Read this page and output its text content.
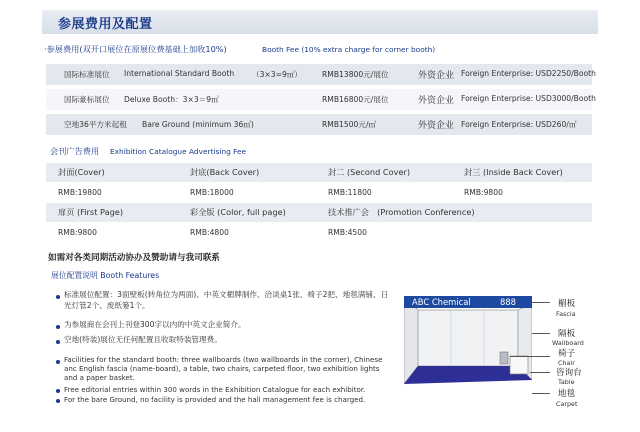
参展费用及配置
·参展费用(双开口展位在原展位费基础上加收10%)	Booth Fee (10% extra charge for corner booth)
国际标准展位 International Standard Booth （3×3=9㎡）	RMB13800元/展位	外资企业 Foreign Enterprise: USD2250/Booth
国际豪标展位 Deluxe Booth：3×3＝9㎡	RMB16800元/展位	外资企业 Foreign Enterprise: USD3000/Booth
空地36平方米起租 Bare Ground (minimum 36㎡)	RMB1500元/㎡	外资企业 Foreign Enterprise: USD260/㎡
会刊广告费用 Exhibition Catalogue Advertising Fee
封面(Cover)	封底(Back Cover)	封二 (Second Cover)	封三 (Inside Back Cover)
RMB:19800	RMB:18000	RMB:11800	RMB:9800
扉页 (First Page)	彩全版 (Color, full page)	技术推广会　(Promotion Conference)
RMB:9800	RMB:4800	RMB:4500
如需对各类同期活动协办及赞助请与我司联系
展位配置说明 Booth Features
标准展位配置：3面壁板(转角位为两面)、中英文楣牌制作、洽谈桌1张、椅子2把、地毯满铺、日光灯管2个、废纸篓1个。
为参展商在会刊上刊登300字以内的中英文企业简介。
空地(特装)展位无任何配置且收取特装管理费。
Facilities for the standard booth: three wallboards (two wallboards in the corner), Chinese anc English fascia (name-board), a table, two chairs, carpeted floor, two exhibition lights and a paper basket.
Free editorial entries within 300 words in the Exhibition Catalogue for each exhibitor.
For the bare Ground, no facility is provided and the hall management fee is charged.
ABC Chemical	888	楣板
Fascia
隔板
Wallboard
椅子
Chair
咨询台
Table
地毯
Carpet
